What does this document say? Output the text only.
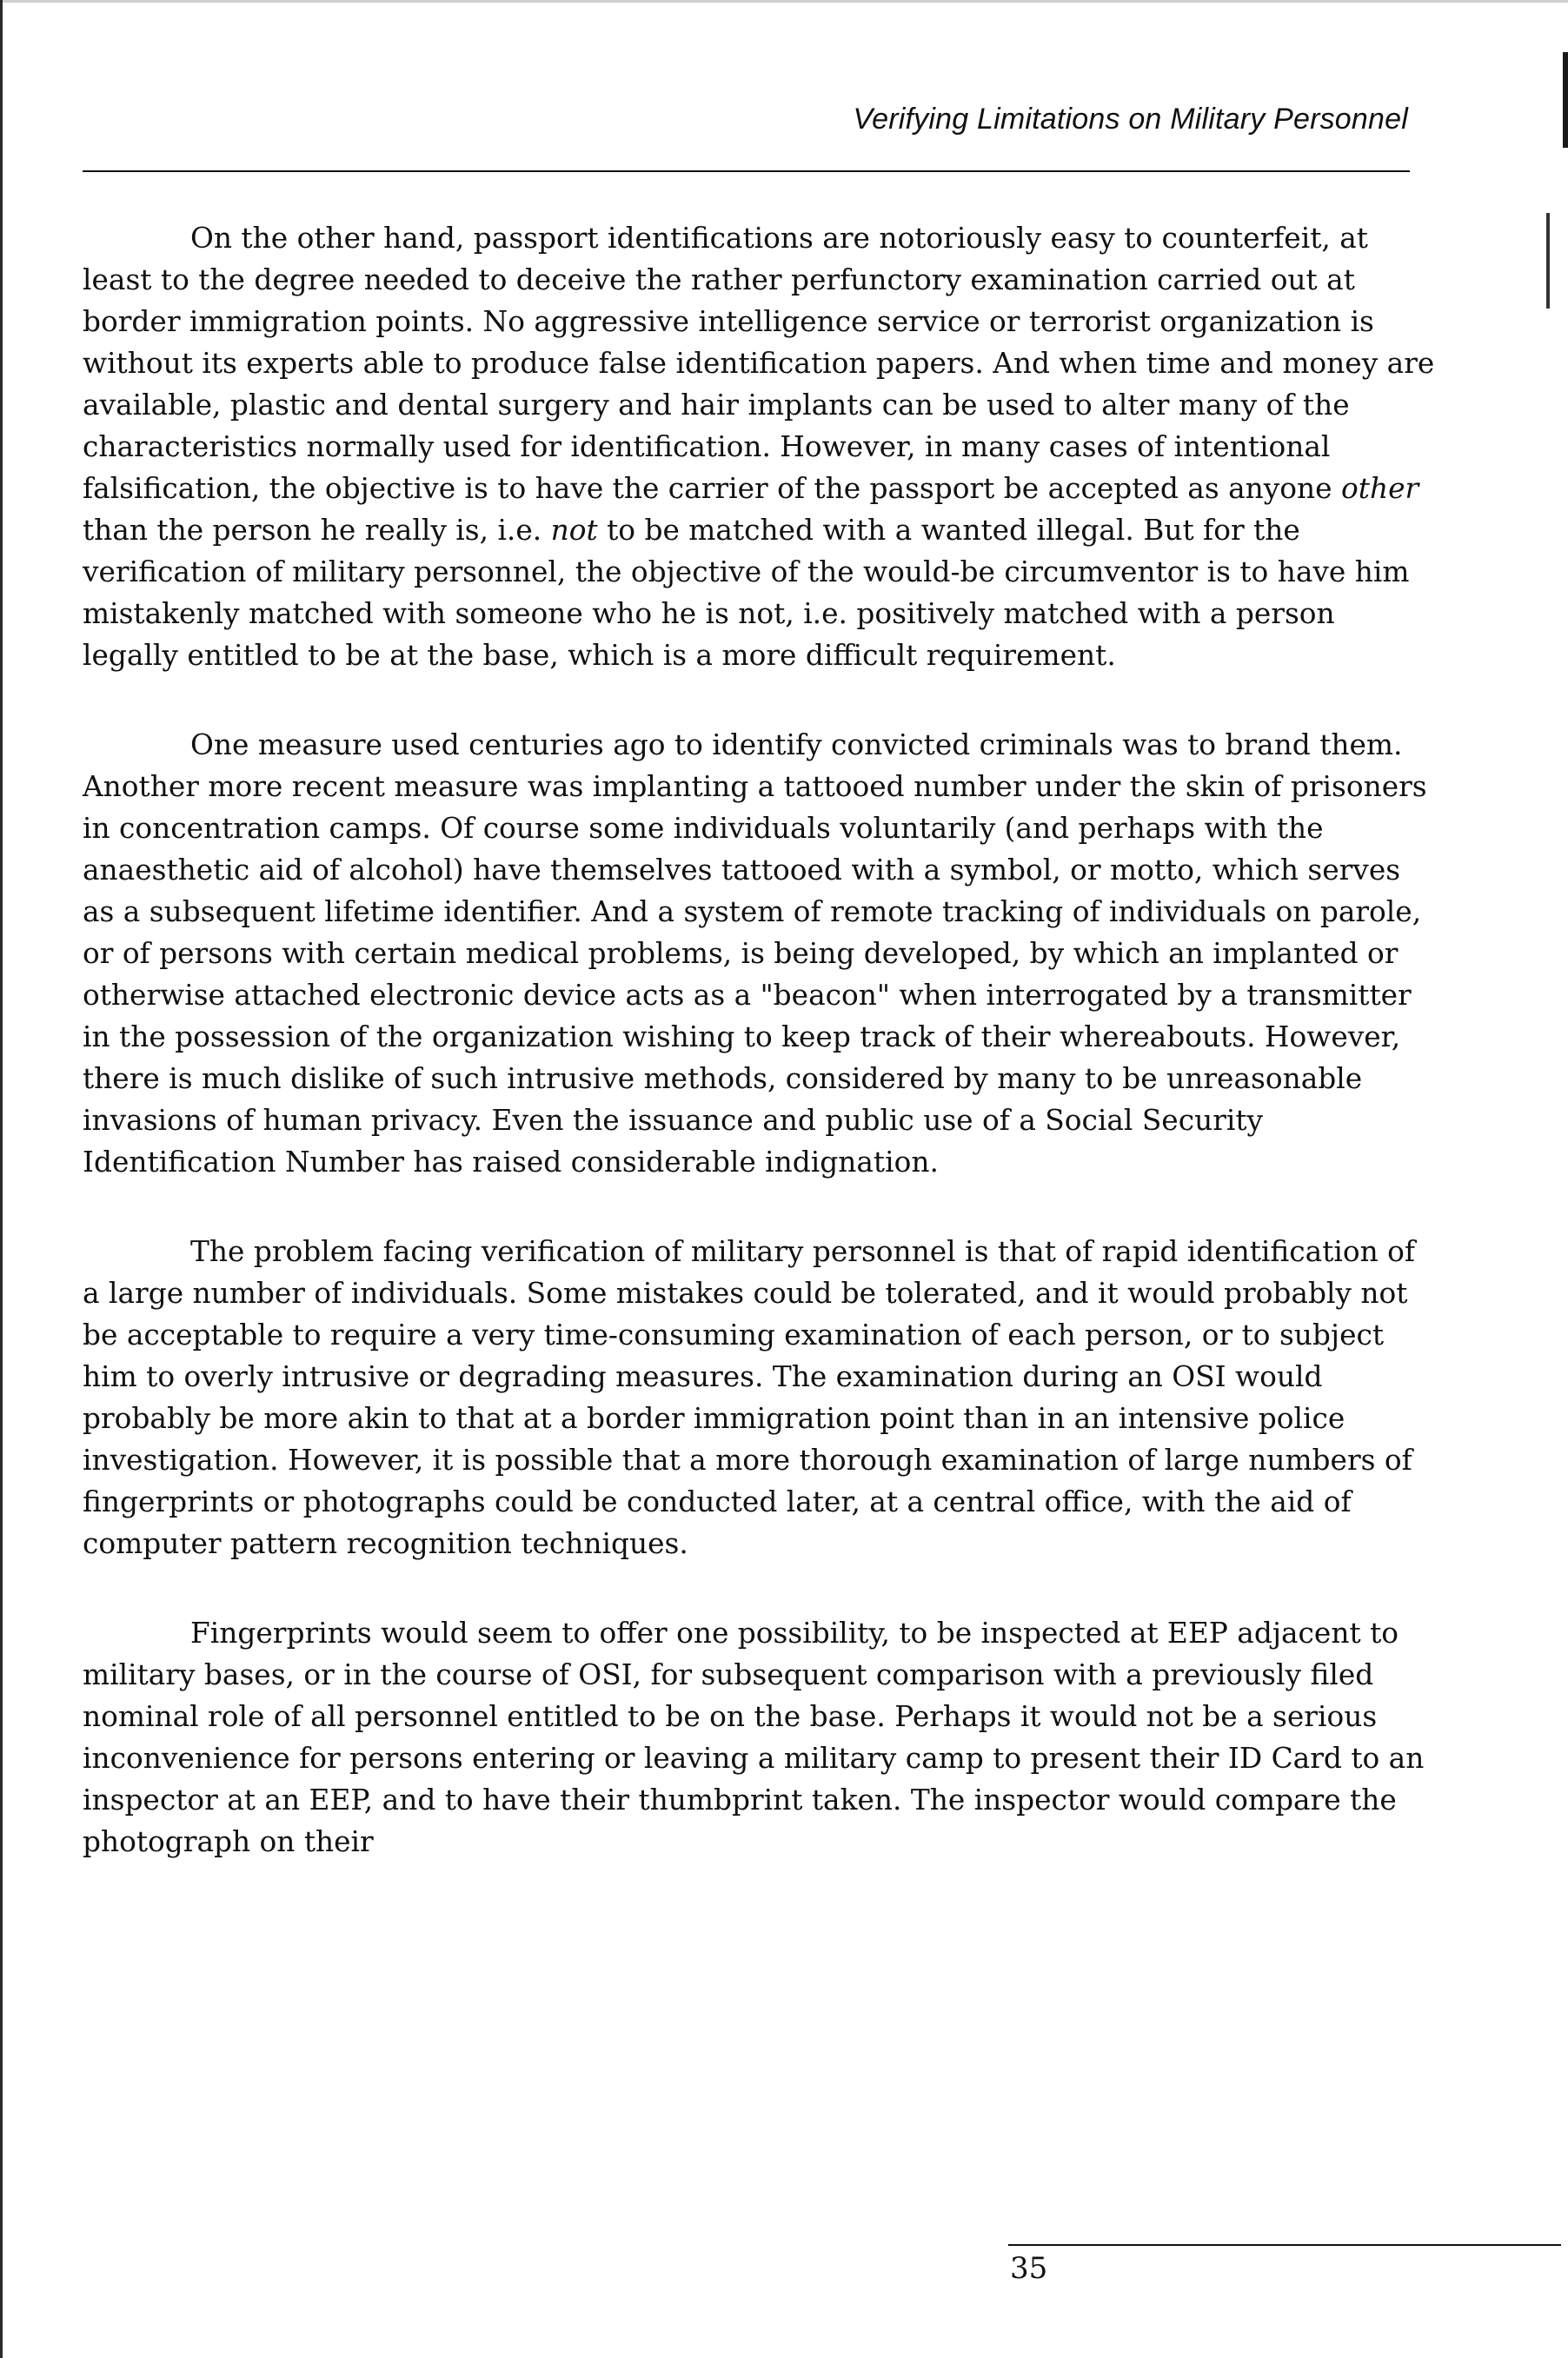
Verifying Limitations on Military Personnel

On the other hand, passport identifications are notoriously easy to counterfeit, at least to the degree needed to deceive the rather perfunctory examination carried out at border immigration points. No aggressive intelligence service or terrorist organization is without its experts able to produce false identification papers. And when time and money are available, plastic and dental surgery and hair implants can be used to alter many of the characteristics normally used for identification. However, in many cases of intentional falsification, the objective is to have the carrier of the passport be accepted as anyone other than the person he really is, i.e. not to be matched with a wanted illegal. But for the verification of military personnel, the objective of the would-be circumventor is to have him mistakenly matched with someone who he is not, i.e. positively matched with a person legally entitled to be at the base, which is a more difficult requirement.

One measure used centuries ago to identify convicted criminals was to brand them. Another more recent measure was implanting a tattooed number under the skin of prisoners in concentration camps. Of course some individuals voluntarily (and perhaps with the anaesthetic aid of alcohol) have themselves tattooed with a symbol, or motto, which serves as a subsequent lifetime identifier. And a system of remote tracking of individuals on parole, or of persons with certain medical problems, is being developed, by which an implanted or otherwise attached electronic device acts as a "beacon" when interrogated by a transmitter in the possession of the organization wishing to keep track of their whereabouts. However, there is much dislike of such intrusive methods, considered by many to be unreasonable invasions of human privacy. Even the issuance and public use of a Social Security Identification Number has raised considerable indignation.

The problem facing verification of military personnel is that of rapid identification of a large number of individuals. Some mistakes could be tolerated, and it would probably not be acceptable to require a very time-consuming examination of each person, or to subject him to overly intrusive or degrading measures. The examination during an OSI would probably be more akin to that at a border immigration point than in an intensive police investigation. However, it is possible that a more thorough examination of large numbers of fingerprints or photographs could be conducted later, at a central office, with the aid of computer pattern recognition techniques.

Fingerprints would seem to offer one possibility, to be inspected at EEP adjacent to military bases, or in the course of OSI, for subsequent comparison with a previously filed nominal role of all personnel entitled to be on the base. Perhaps it would not be a serious inconvenience for persons entering or leaving a military camp to present their ID Card to an inspector at an EEP, and to have their thumbprint taken. The inspector would compare the photograph on their

35
